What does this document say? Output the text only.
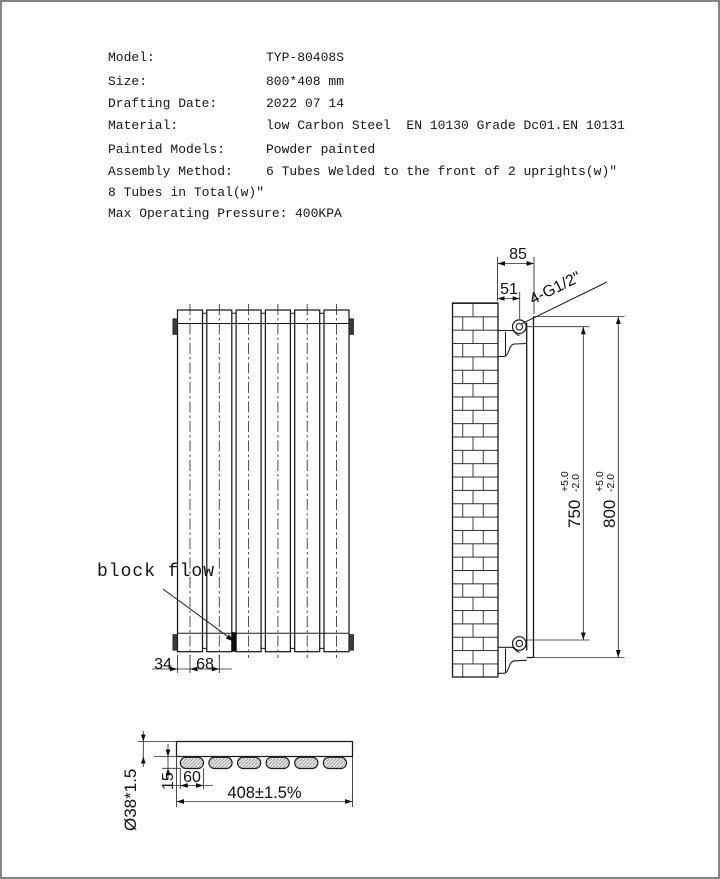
Model:	TYP-80408S
Size:	800*408 mm
Drafting Date:	2022 07 14
Material:	low Carbon Steel  EN 10130 Grade Dc01.EN 10131
Painted Models:	Powder painted
Assembly Method:	6 Tubes Welded to the front of 2 uprights(w)″
8 Tubes in Total(w)″
Max Operating Pressure: 400KPA
block flow
34 68
85
51 4-G1/2"
750
+5.0
-2.0
800
+5.0
-2.0
Ø38*1.5 15 60
408±1.5%
